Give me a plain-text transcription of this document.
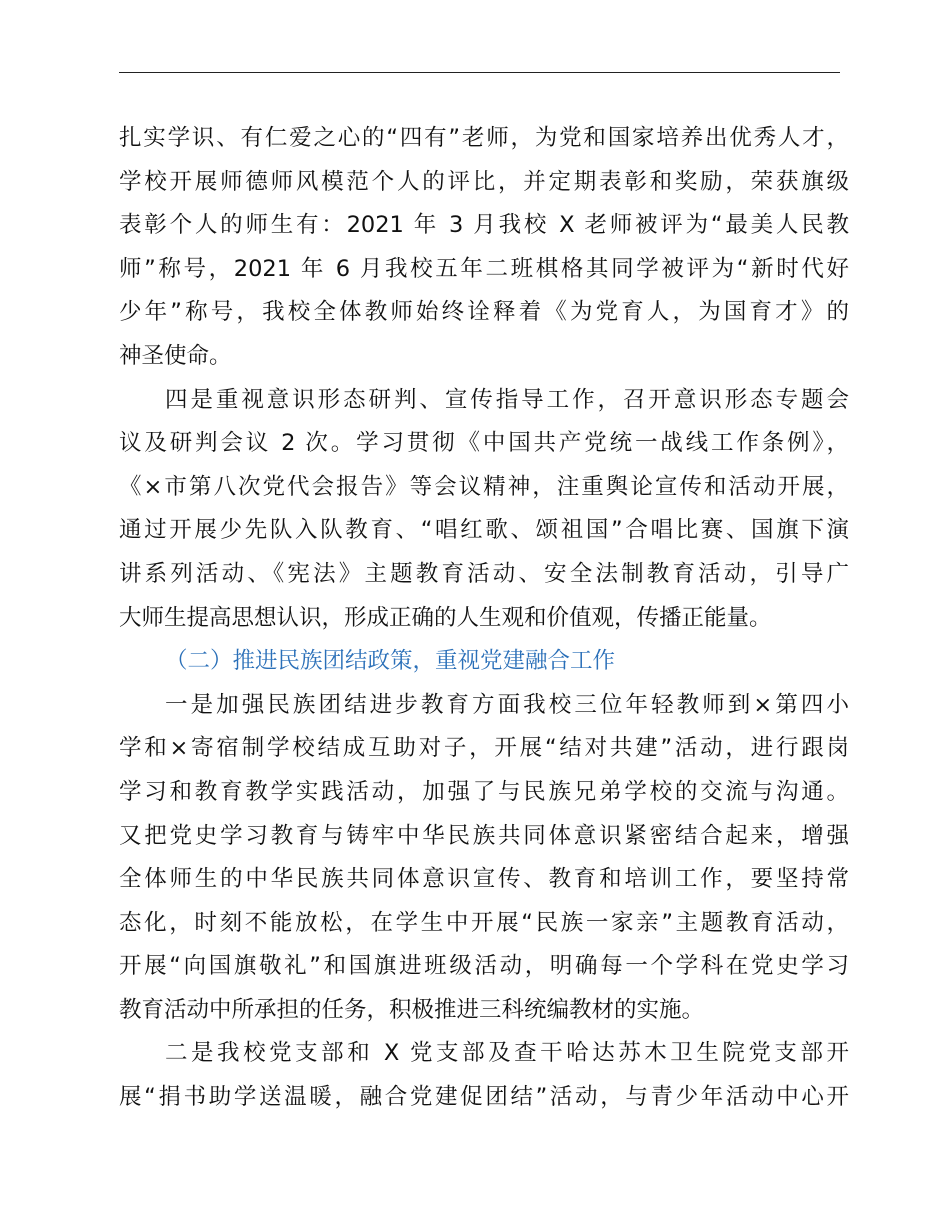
扎实学识、有仁爱之心的“四有”老师，为党和国家培养出优秀人才，
学校开展师德师风模范个人的评比，并定期表彰和奖励，荣获旗级
表彰个人的师生有：2021 年 3 月我校 X 老师被评为“最美人民教
师”称号，2021 年 6 月我校五年二班棋格其同学被评为“新时代好
少年”称号，我校全体教师始终诠释着《为党育人，为国育才》的
神圣使命。
四是重视意识形态研判、宣传指导工作，召开意识形态专题会
议及研判会议 2 次。学习贯彻《中国共产党统一战线工作条例》，
《×市第八次党代会报告》等会议精神，注重舆论宣传和活动开展，
通过开展少先队入队教育、“唱红歌、颂祖国”合唱比赛、国旗下演
讲系列活动、《宪法》主题教育活动、安全法制教育活动，引导广
大师生提高思想认识，形成正确的人生观和价值观，传播正能量。
（二）推进民族团结政策，重视党建融合工作
一是加强民族团结进步教育方面我校三位年轻教师到×第四小
学和×寄宿制学校结成互助对子，开展“结对共建”活动，进行跟岗
学习和教育教学实践活动，加强了与民族兄弟学校的交流与沟通。
又把党史学习教育与铸牢中华民族共同体意识紧密结合起来，增强
全体师生的中华民族共同体意识宣传、教育和培训工作，要坚持常
态化，时刻不能放松，在学生中开展“民族一家亲”主题教育活动，
开展“向国旗敬礼”和国旗进班级活动，明确每一个学科在党史学习
教育活动中所承担的任务，积极推进三科统编教材的实施。
二是我校党支部和 X 党支部及查干哈达苏木卫生院党支部开
展“捐书助学送温暖，融合党建促团结”活动，与青少年活动中心开
